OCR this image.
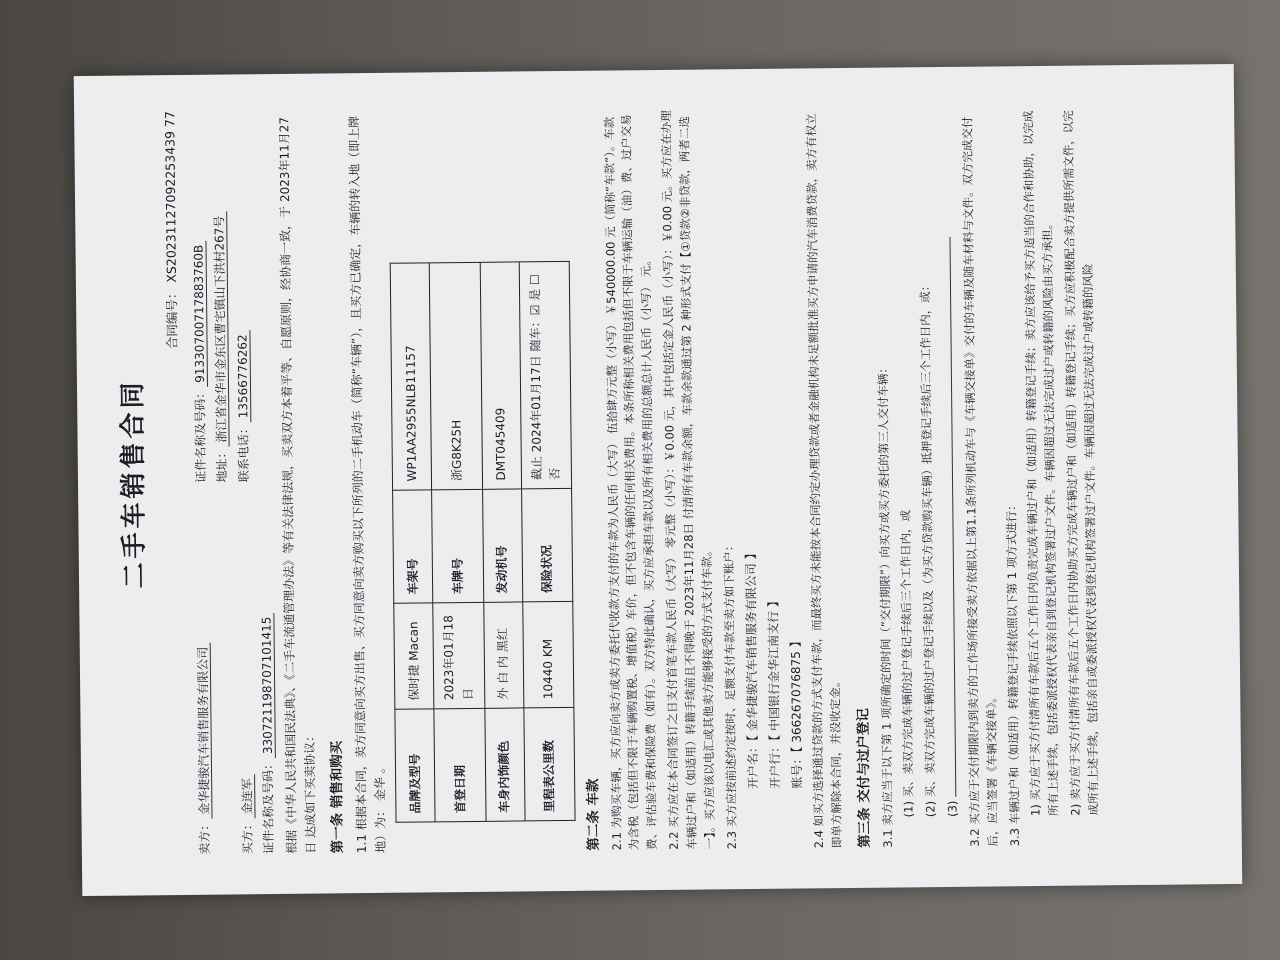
二手车销售合同
合同编号： XS20231127092253439 77
卖方：金华捷骏汽车销售服务有限公司
证件名称及号码：91330700717883760B
地址：浙江省金华市金东区曹宅镇山下洪村267号
买方：金连军
联系电话：13566776262
证件名称及号码：330721198707101415 根据《中华人民共和国民法典》、《二手车流通管理办法》等有关法律法规，买卖双方本着平等、自愿原则，经协商一致，于 2023年11月27日 达成如下买卖协议： 第一条 销售和购买 1.1 根据本合同，卖方同意向买方出售、买方同意向卖方购买以下所列的二手机动车（简称“车辆”），且买方已确定，车辆的转入地（即上牌地）为： 金华 。 品牌及型号	保时捷 Macan	车架号	WP1AA2955NLB11157
首登日期	2023年01月18日	车牌号	浙G8K25H
车身内饰颜色	外 白 内 黑红	发动机号	DMT045409
里程表公里数	10440 KM	保险状况	截止 2024年01月17日 随车：☑ 是 ☐ 否
第二条 车款 2.1 为购买车辆，买方应向卖方或卖方委托代收款方支付的车款为人民币（大写） 伍拾肆万元整（小写） ￥540000.00 元（简称“车款”）。车款为含税（包括但不限于车辆购置税、增值税）车价，但不包含车辆的任何相关费用。本条所称相关费用包括但不限于车辆运输（油）费、过户交易费、评估验车费和保险费（如有）。双方特此确认，买方应承担车款以及所有相关费用的总额总计人民币（小写） 元。 2.2 买方应在本合同签订之日支付首笔车款人民币（大写） 零元整（小写）：￥0.00 元，其中包括定金人民币（小写）：￥0.00 元。买方应在办理车辆过户和（如适用）转籍手续前且不得晚于 2023年11月28日 付清所有车款余额，车款余款通过第 2 种形式支付【①贷款②非贷款，两者二选一】。买方应该以电汇或其他卖方能够接受的方式支付车款。 2.3 买方应按前述约定按时、足额支付车款至卖方如下账户： 开户名：【 金华捷骏汽车销售服务有限公司 】
开户行：【 中国银行金华江南支行 】
账号：【 366267076875 】 2.4 如买方选择通过贷款的方式支付车款，而最终买方未能按本合同约定办理贷款或者金融机构未足额批准买方申请的汽车消费贷款，卖方有权立即单方解除本合同，并没收定金。 第三条 交付与过户登记 3.1 卖方应当于以下第 1 项所确定的时间（“交付期限”）向买方或买方委托的第三人交付车辆： (1) 买、卖双方完成车辆的过户登记手续后三个工作日内，或 (2) 买、卖双方完成车辆的过户登记手续以及（为买方贷款购买车辆）抵押登记手续后三个工作日内，或： (3) 3.2 买方应于交付期限内到卖方的工作场所接受卖方依据以上第1.1条所列机动车与《车辆交接单》交付的车辆及随车材料与文件。双方完成交付后，应当签署《车辆交接单》。 3.3 车辆过户和（如适用）转籍登记手续依照以下第 1 项方式进行： 1) 买方应于买方付清所有车款后五个工作日内负责完成车辆过户和（如适用）转籍登记手续；卖方应该给予买方适当的合作和协助，以完成所有上述手续，包括委派授权代表亲自到登记机构签署过户文件。车辆因超过无法完成过户或转籍的风险由买方承担。 2) 卖方应于买方付清所有车款后五个工作日内协助买方完成车辆过户和（如适用）转籍登记手续；买方应积极配合卖方提供所需文件，以完成所有上述手续，包括亲自或委派授权代表到登记机构签署过户文件。车辆因超过无法完成过户或转籍的风险
